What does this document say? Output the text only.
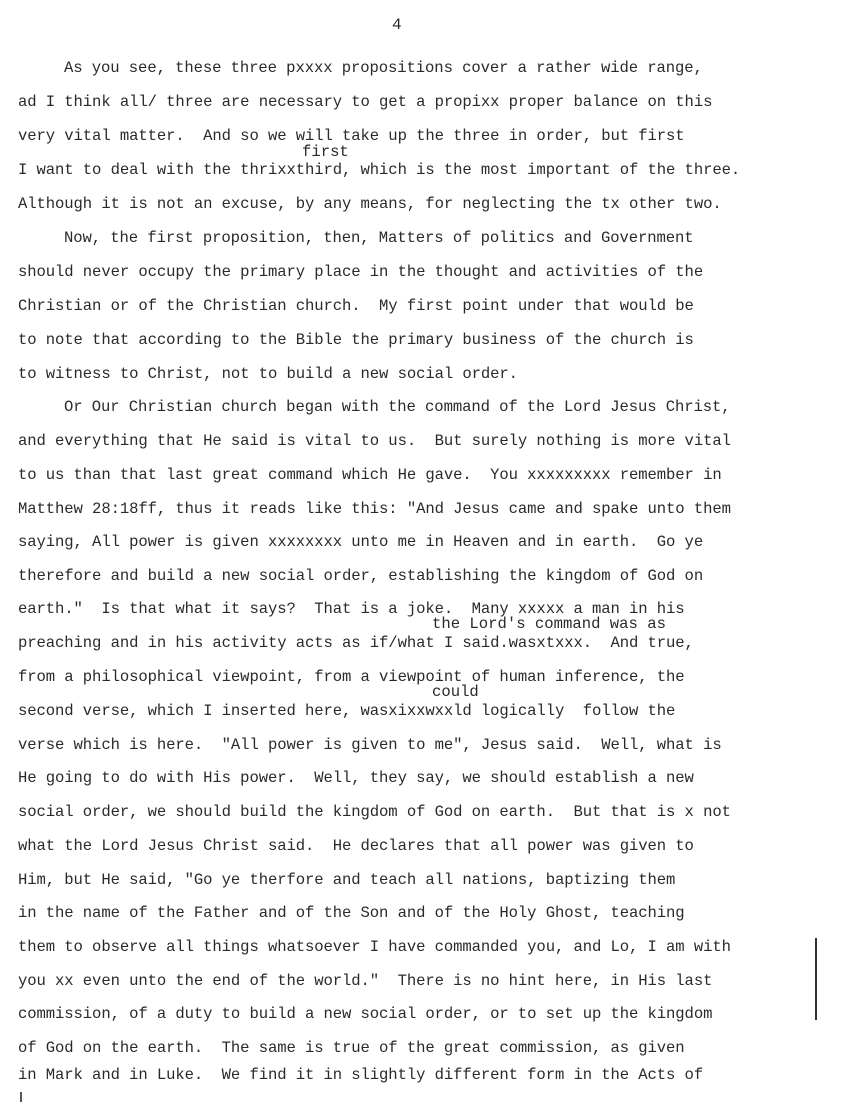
4
first
the Lord's command was as
could
As you see, these three pxxxx propositions cover a rather wide range,
ad I think all/ three are necessary to get a propixx proper balance on this
very vital matter.  And so we will take up the three in order, but first
I want to deal with the thrixxthird, which is the most important of the three.
Although it is not an excuse, by any means, for neglecting the tx other two.
Now, the first proposition, then, Matters of politics and Government
should never occupy the primary place in the thought and activities of the
Christian or of the Christian church.  My first point under that would be
to note that according to the Bible the primary business of the church is
to witness to Christ, not to build a new social order.
Or Our Christian church began with the command of the Lord Jesus Christ,
and everything that He said is vital to us.  But surely nothing is more vital
to us than that last great command which He gave.  You xxxxxxxxx remember in
Matthew 28:18ff, thus it reads like this: "And Jesus came and spake unto them
saying, All power is given xxxxxxxx unto me in Heaven and in earth.  Go ye
therefore and build a new social order, establishing the kingdom of God on
earth."  Is that what it says?  That is a joke.  Many xxxxx a man in his
preaching and in his activity acts as if/what I said.wasxtxxx.  And true,
from a philosophical viewpoint, from a viewpoint of human inference, the
second verse, which I inserted here, wasxixxwxxld logically  follow the
verse which is here.  "All power is given to me", Jesus said.  Well, what is
He going to do with His power.  Well, they say, we should establish a new
social order, we should build the kingdom of God on earth.  But that is x not
what the Lord Jesus Christ said.  He declares that all power was given to
Him, but He said, "Go ye therfore and teach all nations, baptizing them
in the name of the Father and of the Son and of the Holy Ghost, teaching
them to observe all things whatsoever I have commanded you, and Lo, I am with
you xx even unto the end of the world."  There is no hint here, in His last
commission, of a duty to build a new social order, or to set up the kingdom
of God on the earth.  The same is true of the great commission, as given
in Mark and in Luke.  We find it in slightly different form in the Acts of
